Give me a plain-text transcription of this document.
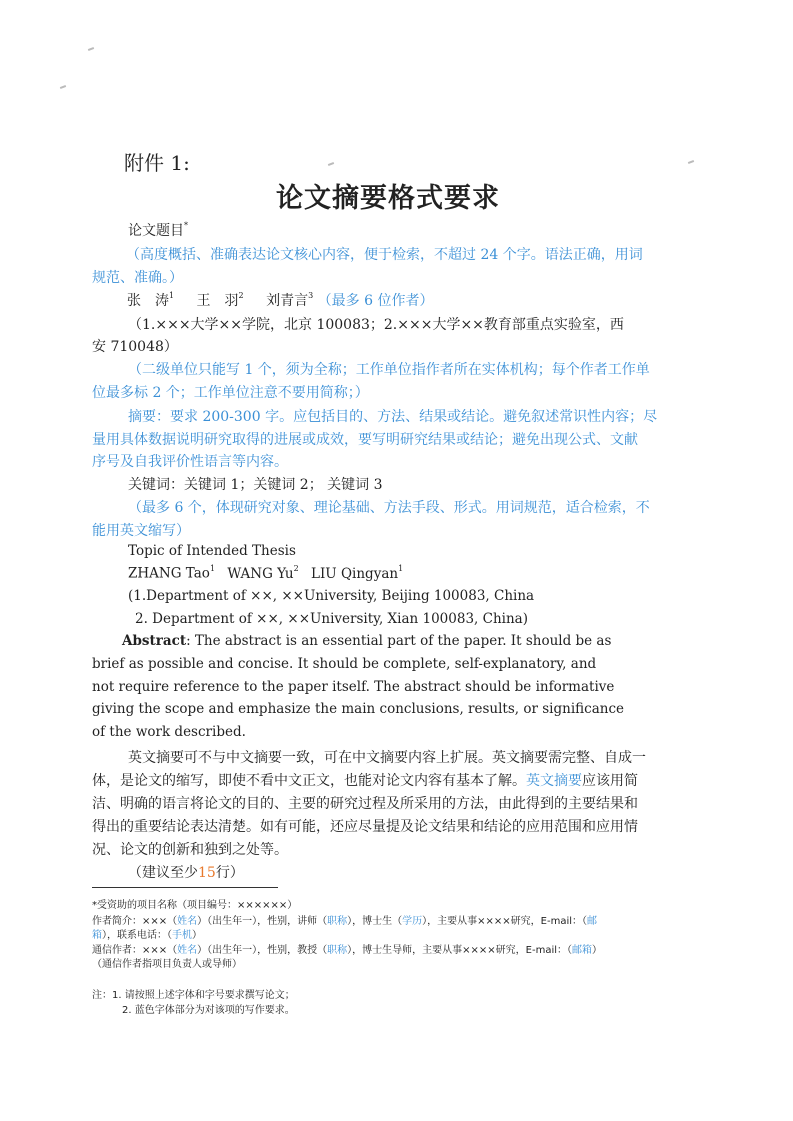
附件 1:
论文摘要格式要求
论文题目*
（高度概括、准确表达论文核心内容，便于检索，不超过 24 个字。语法正确，用词
规范、准确。）
张　涛$^1$ 王　羽$^2$ 刘青言$^3$ （最多 6 位作者）
（1.×××大学××学院，北京 100083；2.×××大学××教育部重点实验室，西
安 710048）
（二级单位只能写 1 个，须为全称；工作单位指作者所在实体机构；每个作者工作单
位最多标 2 个；工作单位注意不要用简称；）
摘要：要求 200-300 字。应包括目的、方法、结果或结论。避免叙述常识性内容；尽
量用具体数据说明研究取得的进展或成效，要写明研究结果或结论；避免出现公式、文献
序号及自我评价性语言等内容。
关键词：关键词 1；关键词 2； 关键词 3
（最多 6 个，体现研究对象、理论基础、方法手段、形式。用词规范，适合检索，不
能用英文缩写）
Topic of Intended Thesis
ZHANG Tao$^1$ WANG Yu$^2$ LIU Qingyan$^1$
(1.Department of ××, ××University, Beijing 100083, China
2. Department of ××, ××University, Xian 100083, China)
Abstract: The abstract is an essential part of the paper. It should be as
brief as possible and concise. It should be complete, self-explanatory, and
not require reference to the paper itself. The abstract should be informative
giving the scope and emphasize the main conclusions, results, or significance
of the work described.
英文摘要可不与中文摘要一致，可在中文摘要内容上扩展。英文摘要需完整、自成一
体，是论文的缩写，即使不看中文正文，也能对论文内容有基本了解。英文摘要应该用简
洁、明确的语言将论文的目的、主要的研究过程及所采用的方法，由此得到的主要结果和
得出的重要结论表达清楚。如有可能，还应尽量提及论文结果和结论的应用范围和应用情
况、论文的创新和独到之处等。
（建议至少15行）
*受资助的项目名称（项目编号：××××××）
作者简介：×××（姓名）（出生年一），性别，讲师（职称），博士生（学历），主要从事××××研究，E-mail：（邮
箱），联系电话：（手机）
通信作者：×××（姓名）（出生年一），性别，教授（职称），博士生导师，主要从事××××研究，E-mail：（邮箱）
（通信作者指项目负责人或导师）
注：1. 请按照上述字体和字号要求撰写论文；
2. 蓝色字体部分为对该项的写作要求。
